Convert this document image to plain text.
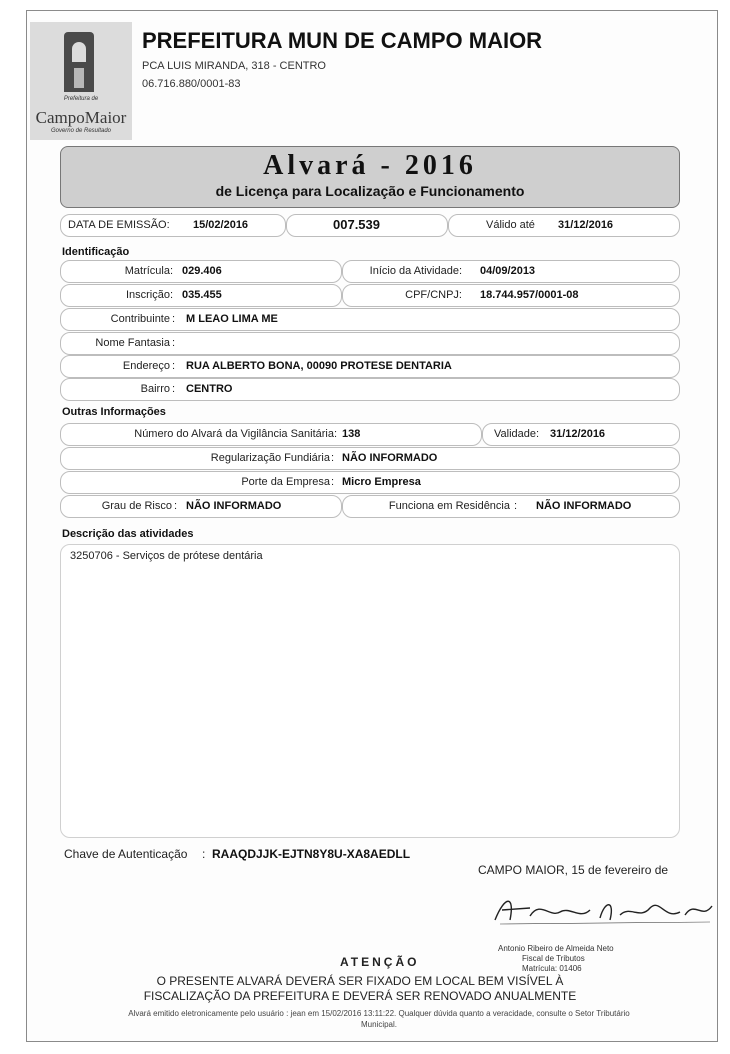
Prefeitura de
CampoMaior
Governo de Resultado
PREFEITURA MUN DE CAMPO MAIOR
PCA LUIS MIRANDA, 318 - CENTRO
06.716.880/0001-83
Alvará - 2016
de Licença para Localização e Funcionamento
DATA DE EMISSÃO: 15/02/2016	007.539	Válido até 31/12/2016
Identificação
Matrícula : 029.406	Início da Atividade: 04/09/2013
Inscrição : 035.455	CPF/CNPJ: 18.744.957/0001-08
Contribuinte : M LEAO LIMA ME
Nome Fantasia :
Endereço : RUA ALBERTO BONA, 00090 PROTESE DENTARIA
Bairro : CENTRO
Outras Informações
Número do Alvará da Vigilância Sanitária : 138	Validade: 31/12/2016
Regularização Fundiária : NÃO INFORMADO
Porte da Empresa : Micro Empresa
Grau de Risco : NÃO INFORMADO	Funciona em Residência : NÃO INFORMADO
Descrição das atividades
3250706 - Serviços de prótese dentária
Chave de Autenticação : RAAQDJJK-EJTN8Y8U-XA8AEDLL
CAMPO MAIOR, 15 de fevereiro de
Antonio Ribeiro de Almeida Neto
Fiscal de Tributos
Matrícula: 01406
ATENÇÃO
O PRESENTE ALVARÁ DEVERÁ SER FIXADO EM LOCAL BEM VISÍVEL À
FISCALIZAÇÃO DA PREFEITURA E DEVERÁ SER RENOVADO ANUALMENTE
Alvará emitido eletronicamente pelo usuário : jean em 15/02/2016 13:11:22. Qualquer dúvida quanto a veracidade, consulte o Setor Tributário
Municipal.
